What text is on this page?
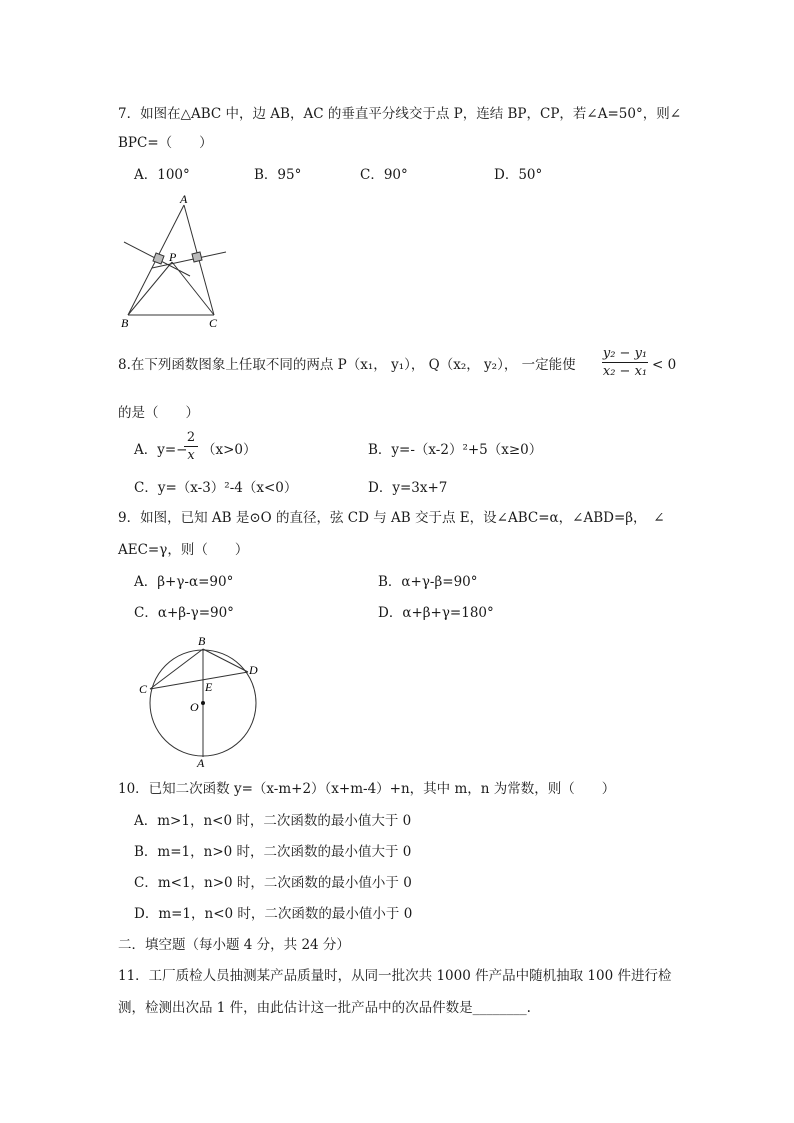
7．如图在△ABC 中，边 AB，AC 的垂直平分线交于点 P，连结 BP，CP，若∠A=50°，则∠
BPC=（　　）
A．100°	B．95°	C．90°	D．50°
A
P
B	C
8.在下列函数图象上任取不同的两点 P（x₁， y₁）， Q（x₂， y₂）， 一定能使
y₂ − y₁
x₂ − x₁ < 0
的是（　　）
A．y=−
2
x （x>0）	B．y=-（x-2）²+5（x≥0）
C．y=（x-3）²-4（x<0）	D．y=3x+7
9．如图，已知 AB 是⊙O 的直径，弦 CD 与 AB 交于点 E，设∠ABC=α，∠ABD=β，　∠
AEC=γ，则（　　）
A．β+γ-α=90°	B．α+γ-β=90°
C．α+β-γ=90°	D．α+β+γ=180°
B
D
C	E
O
A
10．已知二次函数 y=（x-m+2）（x+m-4）+n，其中 m，n 为常数，则（　　）
A．m>1，n<0 时，二次函数的最小值大于 0
B．m=1，n>0 时，二次函数的最小值大于 0
C．m<1，n>0 时，二次函数的最小值小于 0
D．m=1，n<0 时，二次函数的最小值小于 0
二．填空题（每小题 4 分，共 24 分）
11．工厂质检人员抽测某产品质量时，从同一批次共 1000 件产品中随机抽取 100 件进行检
测，检测出次品 1 件，由此估计这一批产品中的次品件数是________.
